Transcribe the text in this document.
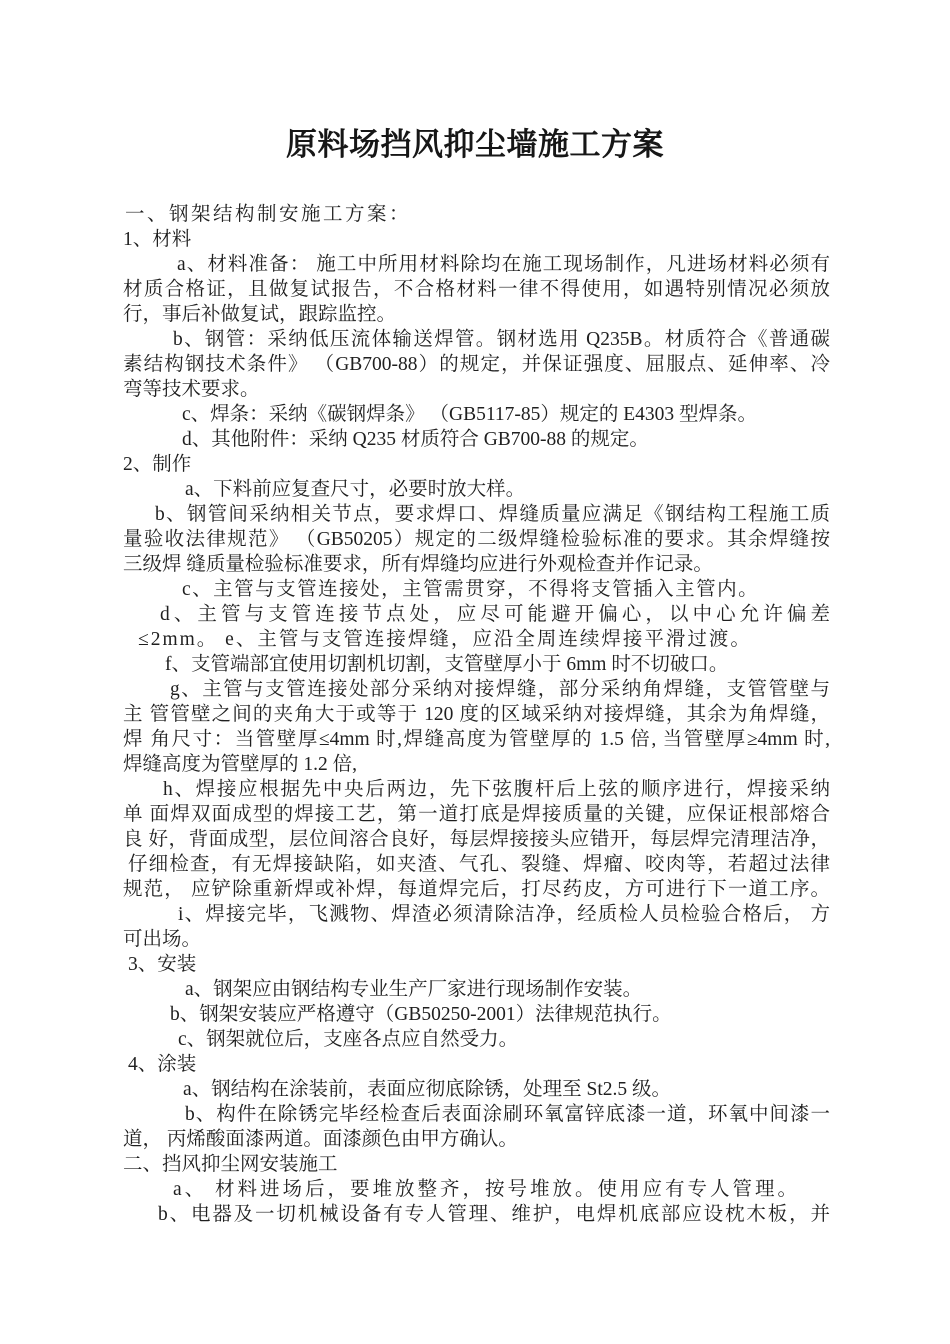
原料场挡风抑尘墙施工方案
一、钢架结构制安施工方案：
1、材料
a、材料准备： 施工中所用材料除均在施工现场制作，凡进场材料必须有
材质合格证，且做复试报告，不合格材料一律不得使用，如遇特别情况必须放
行，事后补做复试，跟踪监控。
b、钢管：采纳低压流体输送焊管。钢材选用 Q235B。材质符合《普通碳
素结构钢技术条件》 （GB700-88）的规定，并保证强度、屈服点、延伸率、冷
弯等技术要求。
c、焊条：采纳《碳钢焊条》 （GB5117-85）规定的 E4303 型焊条。
d、其他附件：采纳 Q235 材质符合 GB700-88 的规定。
2、制作
a、下料前应复查尺寸，必要时放大样。
b、钢管间采纳相关节点，要求焊口、焊缝质量应满足《钢结构工程施工质
量验收法律规范》 （GB50205）规定的二级焊缝检验标准的要求。其余焊缝按
三级焊 缝质量检验标准要求，所有焊缝均应进行外观检查并作记录。
c、主管与支管连接处，主管需贯穿，不得将支管插入主管内。
d、主管与支管连接节点处，应尽可能避开偏心，以中心允许偏差
≤2mm。 e、主管与支管连接焊缝，应沿全周连续焊接平滑过渡。
f、支管端部宜使用切割机切割，支管壁厚小于 6mm 时不切破口。
g、主管与支管连接处部分采纳对接焊缝，部分采纳角焊缝，支管管壁与
主 管管壁之间的夹角大于或等于 120 度的区域采纳对接焊缝，其余为角焊缝，
焊 角尺寸：当管壁厚≤4mm 时,焊缝高度为管壁厚的 1.5 倍, 当管壁厚≥4mm 时,
焊缝高度为管壁厚的 1.2 倍,
h、焊接应根据先中央后两边，先下弦腹杆后上弦的顺序进行，焊接采纳
单 面焊双面成型的焊接工艺，第一道打底是焊接质量的关键，应保证根部熔合
良 好，背面成型，层位间溶合良好，每层焊接接头应错开，每层焊完清理洁净，
仔细检查，有无焊接缺陷，如夹渣、气孔、裂缝、焊瘤、咬肉等，若超过法律
规范， 应铲除重新焊或补焊，每道焊完后，打尽药皮，方可进行下一道工序。
i、焊接完毕，飞溅物、焊渣必须清除洁净，经质检人员检验合格后， 方
可出场。
3、安装
a、钢架应由钢结构专业生产厂家进行现场制作安装。
b、钢架安装应严格遵守（GB50250-2001）法律规范执行。
c、钢架就位后，支座各点应自然受力。
4、涂装
a、钢结构在涂装前，表面应彻底除锈，处理至 St2.5 级。
b、构件在除锈完毕经检查后表面涂刷环氧富锌底漆一道，环氧中间漆一
道， 丙烯酸面漆两道。面漆颜色由甲方确认。
二、挡风抑尘网安装施工
a、 材料进场后，要堆放整齐，按号堆放。使用应有专人管理。
b、电器及一切机械设备有专人管理、维护，电焊机底部应设枕木板，并
